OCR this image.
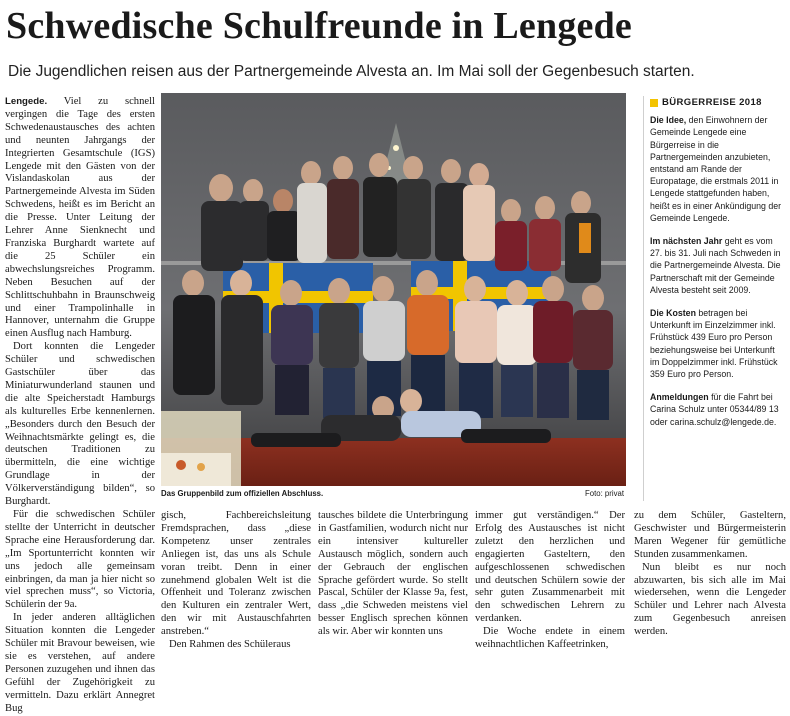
Schwedische Schulfreunde in Lengede
Die Jugendlichen reisen aus der Partnergemeinde Alvesta an. Im Mai soll der Gegenbesuch starten.

Lengede. Viel zu schnell vergingen die Tage des ersten Schwedenaustausches des achten und neunten Jahrgangs der Integrierten Gesamtschule (IGS) Lengede mit den Gästen von der Vislandaskolan aus der Partnergemeinde Alvesta im Süden Schwedens, heißt es im Bericht an die Presse. Unter Leitung der Lehrer Anne Sienknecht und Franziska Burghardt wartete auf die 25 Schüler ein abwechslungsreiches Programm. Neben Besuchen auf der Schlittschuhbahn in Braunschweig und einer Trampolinhalle in Hannover, unternahm die Gruppe einen Ausflug nach Hamburg.

Dort konnten die Lengeder Schüler und schwedischen Gastschüler über das Miniaturwunderland staunen und die alte Speicherstadt Hamburgs als kulturelles Erbe kennenlernen. „Besonders durch den Besuch der Weihnachtsmärkte gelingt es, die deutschen Traditionen zu übermitteln, die eine wichtige Grundlage in der Völkerverständigung bilden“, so Burghardt.

Für die schwedischen Schüler stellte der Unterricht in deutscher Sprache eine Herausforderung dar. „Im Sportunterricht konnten wir uns jedoch alle gemeinsam einbringen, da man ja hier nicht so viel sprechen muss“, so Victoria, Schülerin der 9a.

In jeder anderen alltäglichen Situation konnten die Lengeder Schüler mit Bravour beweisen, wie sie es verstehen, auf andere Personen zuzugehen und ihnen das Gefühl der Zugehörigkeit zu vermitteln. Dazu erklärt Annegret Bug

Das Gruppenbild zum offiziellen Abschluss.	Foto: privat

gisch, Fachbereichsleitung Fremdsprachen, dass „diese Kompetenz unser zentrales Anliegen ist, das uns als Schule voran treibt. Denn in einer zunehmend globalen Welt ist die Offenheit und Toleranz zwischen den Kulturen ein zentraler Wert, den wir mit Austauschfahrten anstreben.“

Den Rahmen des Schüleraus

tausches bildete die Unterbringung in Gastfamilien, wodurch nicht nur ein intensiver kultureller Austausch möglich, sondern auch der Gebrauch der englischen Sprache gefördert wurde. So stellt Pascal, Schüler der Klasse 9a, fest, dass „die Schweden meistens viel besser Englisch sprechen können als wir. Aber wir konnten uns

immer gut verständigen.“ Der Erfolg des Austausches ist nicht zuletzt den herzlichen und engagierten Gasteltern, den aufgeschlossenen schwedischen und deutschen Schülern sowie der sehr guten Zusammenarbeit mit den schwedischen Lehrern zu verdanken.

Die Woche endete in einem weihnachtlichen Kaffeetrinken,

zu dem Schüler, Gasteltern, Geschwister und Bürgermeisterin Maren Wegener für gemütliche Stunden zusammenkamen.

Nun bleibt es nur noch abzuwarten, bis sich alle im Mai wiedersehen, wenn die Lengeder Schüler und Lehrer nach Alvesta zum Gegenbesuch anreisen werden.

BÜRGERREISE 2018

Die Idee, den Einwohnern der Gemeinde Lengede eine Bürgerreise in die Partnergemeinden anzubieten, entstand am Rande der Europatage, die erstmals 2011 in Lengede stattgefunden haben, heißt es in einer Ankündigung der Gemeinde Lengede.

Im nächsten Jahr geht es vom 27. bis 31. Juli nach Schweden in die Partnergemeinde Alvesta. Die Partnerschaft mit der Gemeinde Alvesta besteht seit 2009.

Die Kosten betragen bei Unterkunft im Einzelzimmer inkl. Frühstück 439 Euro pro Person beziehungsweise bei Unterkunft im Doppelzimmer inkl. Frühstück 359 Euro pro Person.

Anmeldungen für die Fahrt bei Carina Schulz unter 05344/89 13 oder carina.schulz@lengede.de.
